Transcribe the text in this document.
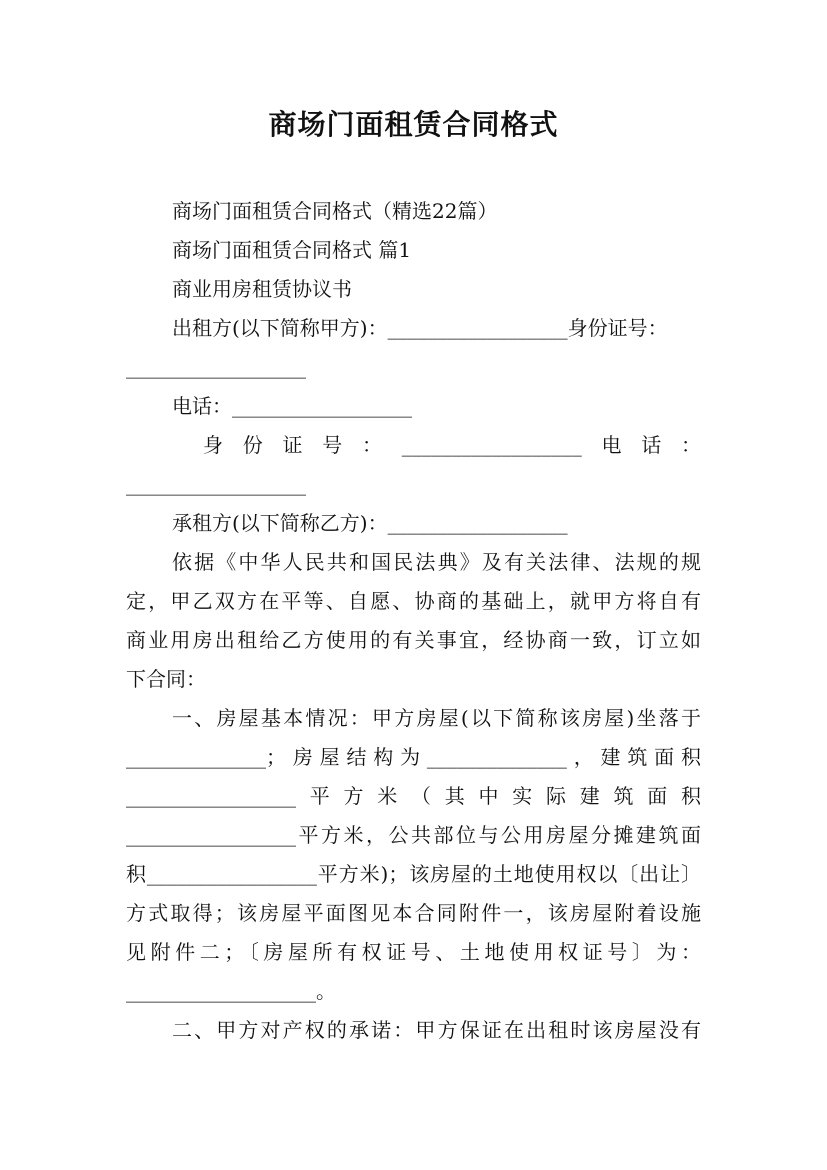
商场门面租赁合同格式
商场门面租赁合同格式（精选22篇）
商场门面租赁合同格式 篇1
商业用房租赁协议书
出租方(以下简称甲方)：__________________身份证号：
__________________
电话：__________________
身份证号：__________________电话：
__________________
承租方(以下简称乙方)：__________________
依据《中华人民共和国民法典》及有关法律、法规的规
定，甲乙双方在平等、自愿、协商的基础上，就甲方将自有
商业用房出租给乙方使用的有关事宜，经协商一致，订立如
下合同：
一、房屋基本情况：甲方房屋(以下简称该房屋)坐落于
______________；房屋结构为______________，建筑面积
_________________平方米（其中实际建筑面积
_________________平方米，公共部位与公用房屋分摊建筑面
积_________________平方米)；该房屋的土地使用权以〔出让〕
方式取得；该房屋平面图见本合同附件一，该房屋附着设施
见附件二；〔房屋所有权证号、土地使用权证号〕为：
___________________。
二、甲方对产权的承诺：甲方保证在出租时该房屋没有
